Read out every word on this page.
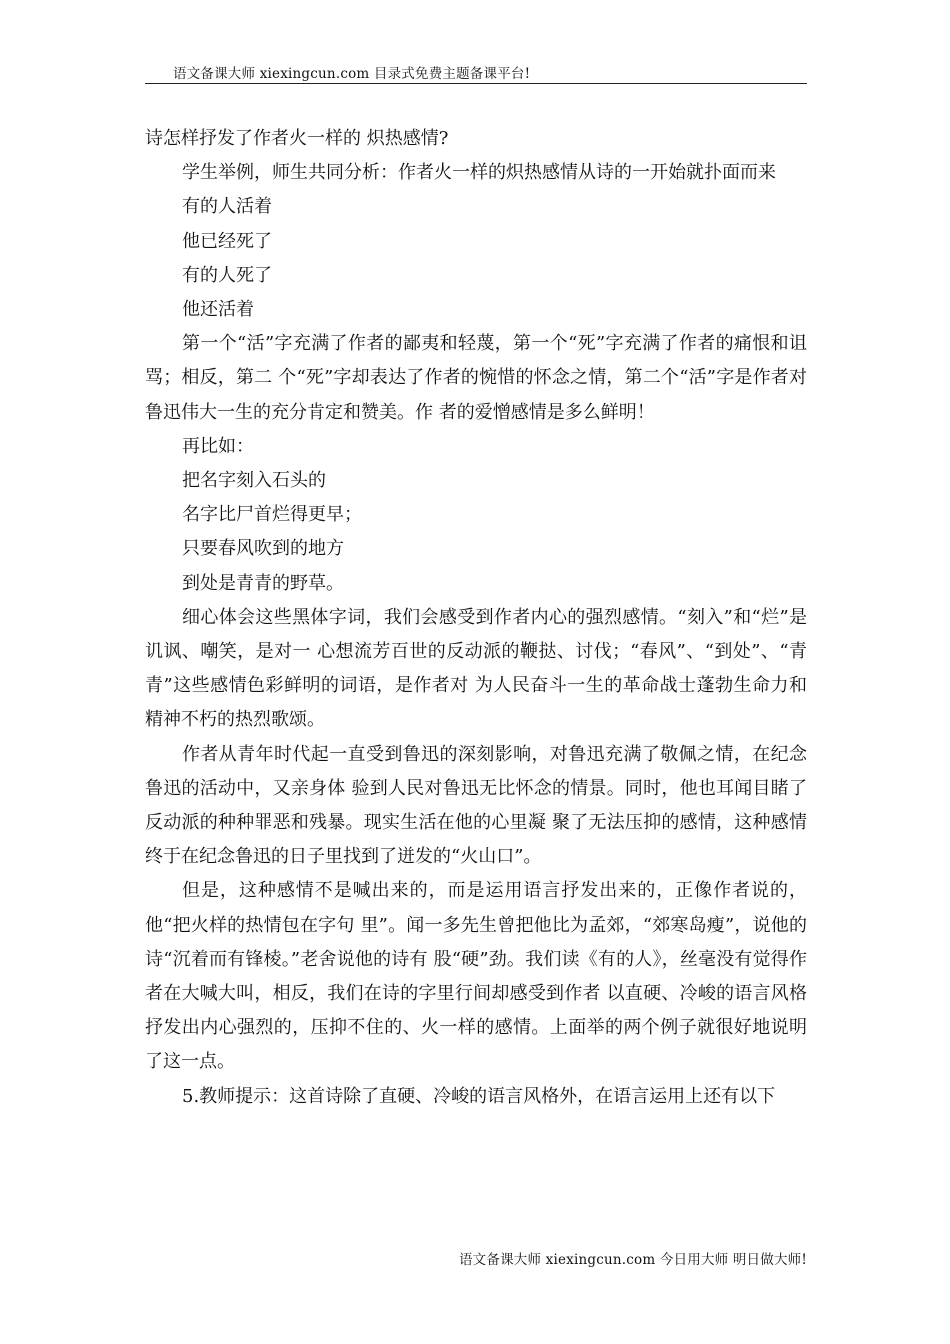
语文备课大师 xiexingcun.com 目录式免费主题备课平台!

诗怎样抒发了作者火一样的 炽热感情?

学生举例，师生共同分析：作者火一样的炽热感情从诗的一开始就扑面而来

有的人活着

他已经死了

有的人死了

他还活着

第一个“活”字充满了作者的鄙夷和轻蔑，第一个“死”字充满了作者的痛恨和诅骂；相反，第二 个“死”字却表达了作者的惋惜的怀念之情，第二个“活”字是作者对鲁迅伟大一生的充分肯定和赞美。作 者的爱憎感情是多么鲜明！

再比如：

把名字刻入石头的

名字比尸首烂得更早；

只要春风吹到的地方

到处是青青的野草。

细心体会这些黑体字词，我们会感受到作者内心的强烈感情。“刻入”和“烂”是讥讽、嘲笑，是对一 心想流芳百世的反动派的鞭挞、讨伐；“春风”、“到处”、“青青”这些感情色彩鲜明的词语，是作者对 为人民奋斗一生的革命战士蓬勃生命力和精神不朽的热烈歌颂。

作者从青年时代起一直受到鲁迅的深刻影响，对鲁迅充满了敬佩之情，在纪念鲁迅的活动中，又亲身体 验到人民对鲁迅无比怀念的情景。同时，他也耳闻目睹了反动派的种种罪恶和残暴。现实生活在他的心里凝 聚了无法压抑的感情，这种感情终于在纪念鲁迅的日子里找到了迸发的“火山口”。

但是，这种感情不是喊出来的，而是运用语言抒发出来的，正像作者说的，他“把火样的热情包在字句 里”。闻一多先生曾把他比为孟郊，“郊寒岛瘦”，说他的诗“沉着而有锋棱。”老舍说他的诗有 股“硬”劲。我们读《有的人》，丝毫没有觉得作者在大喊大叫，相反，我们在诗的字里行间却感受到作者 以直硬、冷峻的语言风格抒发出内心强烈的，压抑不住的、火一样的感情。上面举的两个例子就很好地说明 了这一点。

5.教师提示：这首诗除了直硬、冷峻的语言风格外，在语言运用上还有以下

语文备课大师 xiexingcun.com 今日用大师 明日做大师!
